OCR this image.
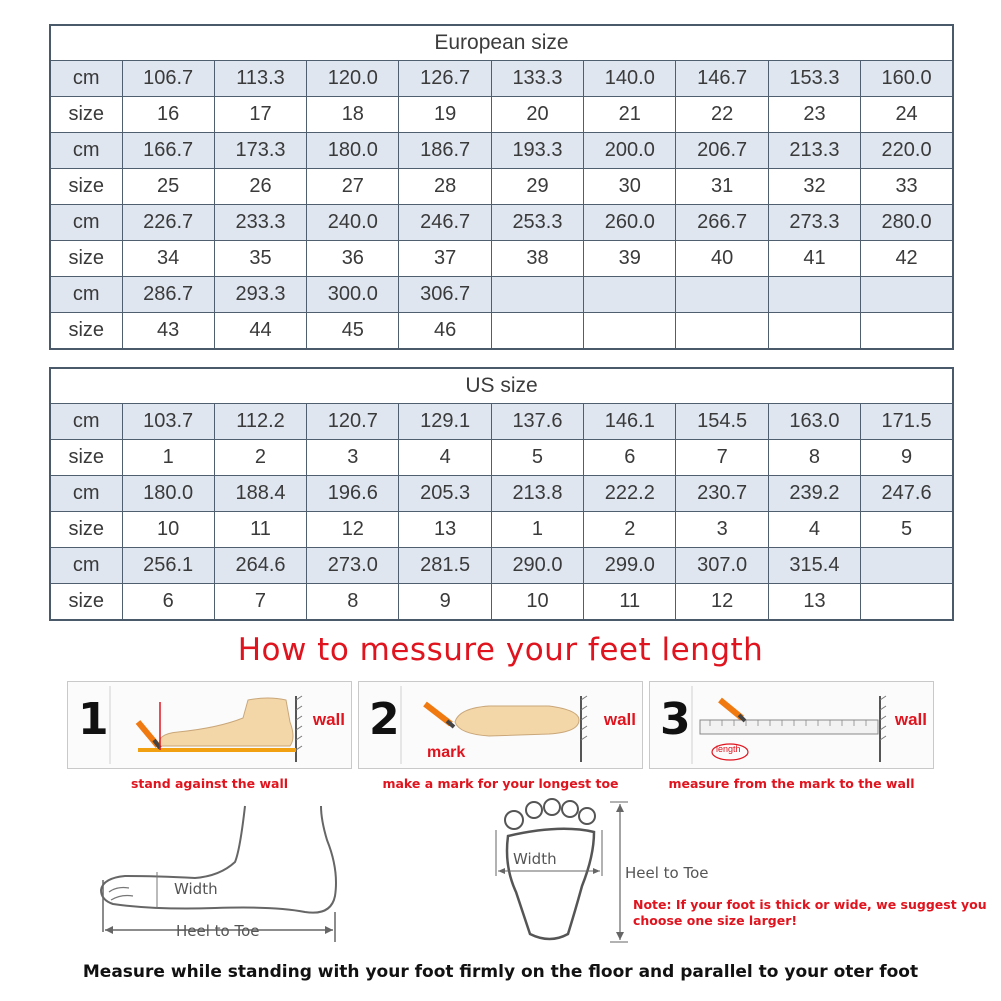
European size									
cm	106.7	113.3	120.0	126.7	133.3	140.0	146.7	153.3	160.0
size	16	17	18	19	20	21	22	23	24
cm	166.7	173.3	180.0	186.7	193.3	200.0	206.7	213.3	220.0
size	25	26	27	28	29	30	31	32	33
cm	226.7	233.3	240.0	246.7	253.3	260.0	266.7	273.3	280.0
size	34	35	36	37	38	39	40	41	42
cm	286.7	293.3	300.0	306.7					
size	43	44	45	46					
US size									
cm	103.7	112.2	120.7	129.1	137.6	146.1	154.5	163.0	171.5
size	1	2	3	4	5	6	7	8	9
cm	180.0	188.4	196.6	205.3	213.8	222.2	230.7	239.2	247.6
size	10	11	12	13	1	2	3	4	5
cm	256.1	264.6	273.0	281.5	290.0	299.0	307.0	315.4	
size	6	7	8	9	10	11	12	13	
How to messure your feet length
1	wall
stand against the wall
2	wall
mark
make a mark for your longest toe
3	wall
length
measure from the mark to the wall
Width
Heel to Toe
Width
Heel to Toe
Note: If your foot is thick or wide, we suggest you choose one size larger!
Measure while standing with your foot firmly on the floor and parallel to your oter foot
